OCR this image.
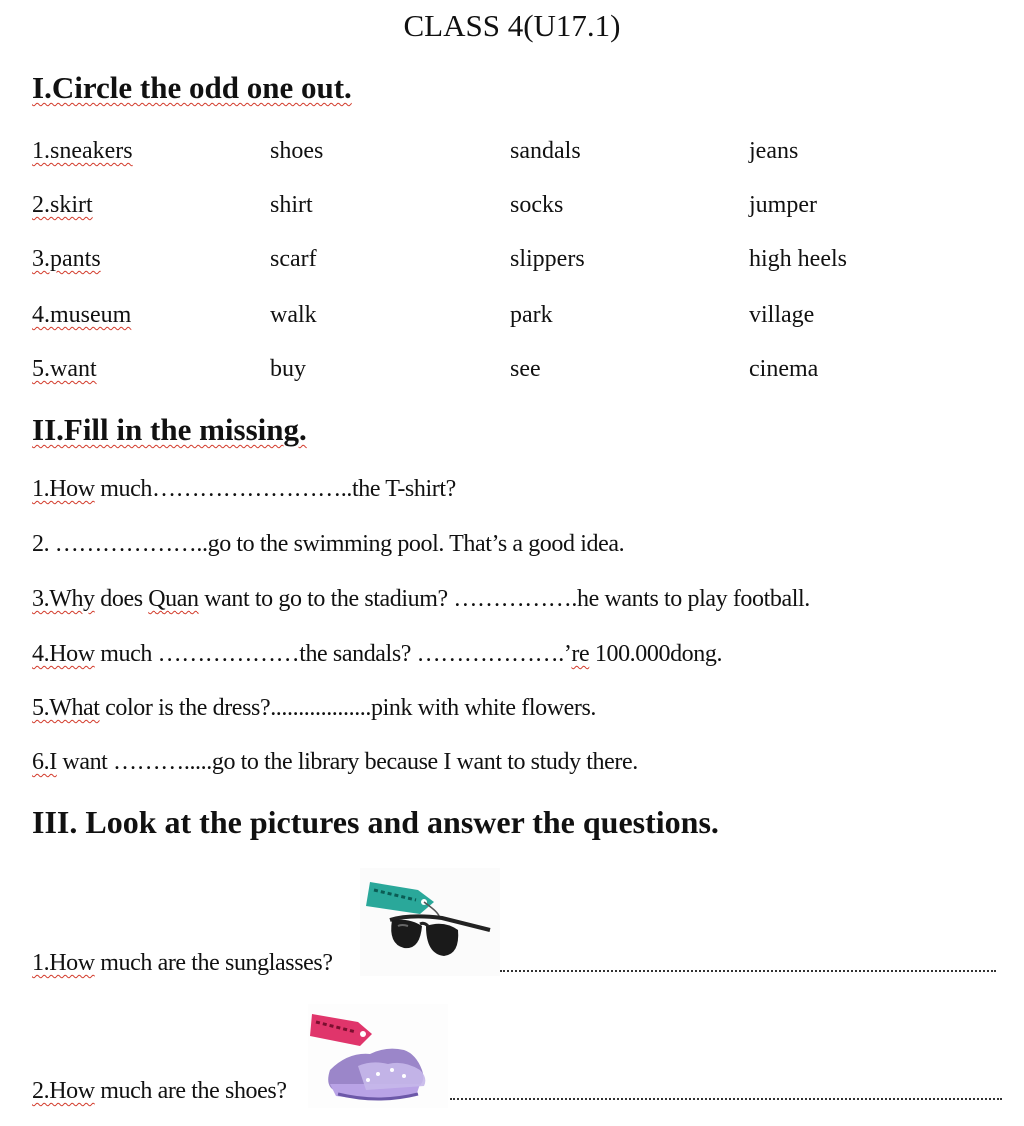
CLASS 4(U17.1)
I.Circle the odd one out.
1.sneakers	shoes	sandals	jeans
2.skirt	shirt	socks	jumper
3.pants	scarf	slippers	high heels
4.museum	walk	park	village
5.want	buy	see	cinema
II.Fill in the missing.
1.How much……………………..the T-shirt?
2. ………………..go to the swimming pool. That’s a good idea.
3.Why does Quan want to go to the stadium? …………….he wants to play football.
4.How much ………………the sandals? ……………….’re 100.000dong.
5.What color is the dress?..................pink with white flowers.
6.I want ……….....go to the library because I want to study there.
III. Look at the pictures and answer the questions.
1.How much are the sunglasses?
2.How much are the shoes?
